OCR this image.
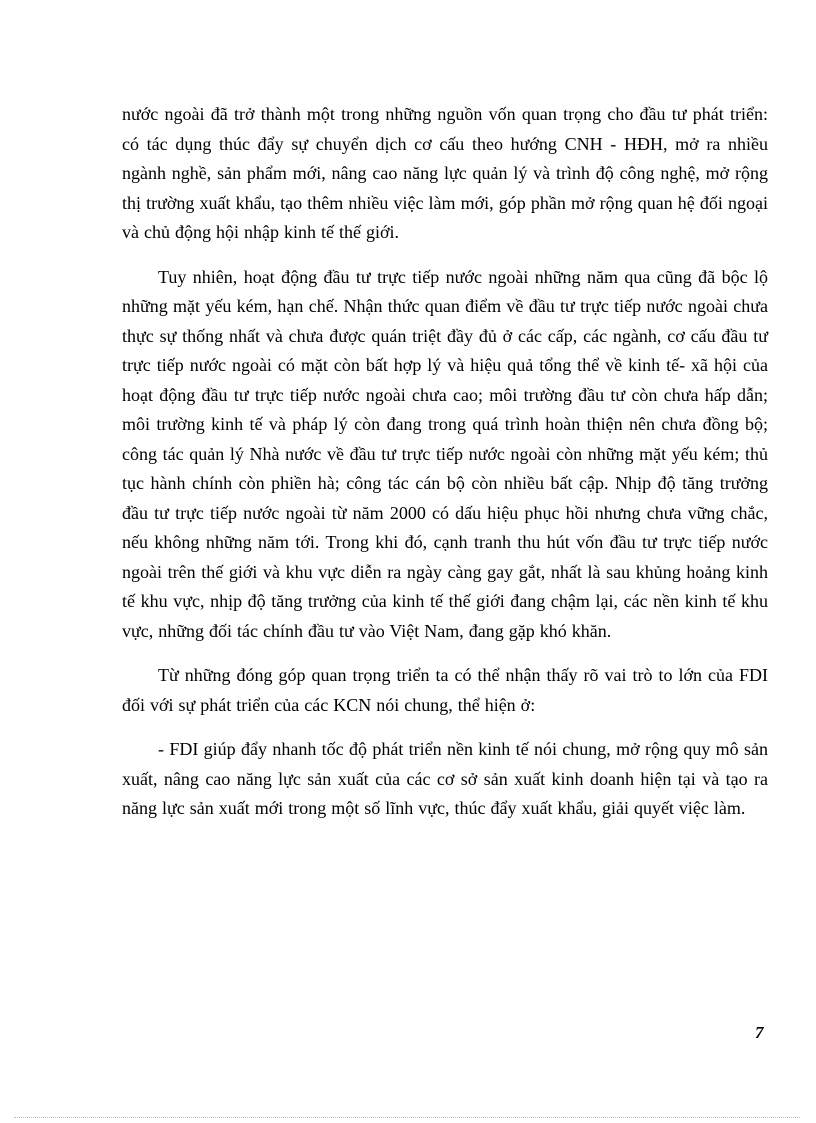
nước ngoài đã trở thành một trong những nguồn vốn quan trọng cho đầu tư phát triển: có tác dụng thúc đẩy sự chuyển dịch cơ cấu theo hướng CNH - HĐH, mở ra nhiều ngành nghề, sản phẩm mới, nâng cao năng lực quản lý và trình độ công nghệ, mở rộng thị trường xuất khẩu, tạo thêm nhiều việc làm mới, góp phần mở rộng quan hệ đối ngoại và chủ động hội nhập kinh tế thế giới.

Tuy nhiên, hoạt động đầu tư trực tiếp nước ngoài những năm qua cũng đã bộc lộ những mặt yếu kém, hạn chế. Nhận thức quan điểm về đầu tư trực tiếp nước ngoài chưa thực sự thống nhất và chưa được quán triệt đầy đủ ở các cấp, các ngành, cơ cấu đầu tư trực tiếp nước ngoài có mặt còn bất hợp lý và hiệu quả tổng thể về kinh tế- xã hội của hoạt động đầu tư trực tiếp nước ngoài chưa cao; môi trường đầu tư còn chưa hấp dẫn; môi trường kinh tế và pháp lý còn đang trong quá trình hoàn thiện nên chưa đồng bộ; công tác quản lý Nhà nước về đầu tư trực tiếp nước ngoài còn những mặt yếu kém; thủ tục hành chính còn phiền hà; công tác cán bộ còn nhiều bất cập. Nhịp độ tăng trưởng đầu tư trực tiếp nước ngoài từ năm 2000 có dấu hiệu phục hồi nhưng chưa vững chắc, nếu không những năm tới. Trong khi đó, cạnh tranh thu hút vốn đầu tư trực tiếp nước ngoài trên thế giới và khu vực diễn ra ngày càng gay gắt, nhất là sau khủng hoảng kinh tế khu vực, nhịp độ tăng trưởng của kinh tế thế giới đang chậm lại, các nền kinh tế khu vực, những đối tác chính đầu tư vào Việt Nam, đang gặp khó khăn.

Từ những đóng góp quan trọng triển ta có thể nhận thấy rõ vai trò to lớn của FDI đối với sự phát triển của các KCN nói chung, thể hiện ở:

- FDI giúp đẩy nhanh tốc độ phát triển nền kinh tế nói chung, mở rộng quy mô sản xuất, nâng cao năng lực sản xuất của các cơ sở sản xuất kinh doanh hiện tại và tạo ra năng lực sản xuất mới trong một số lĩnh vực, thúc đẩy xuất khẩu, giải quyết việc làm.

7
